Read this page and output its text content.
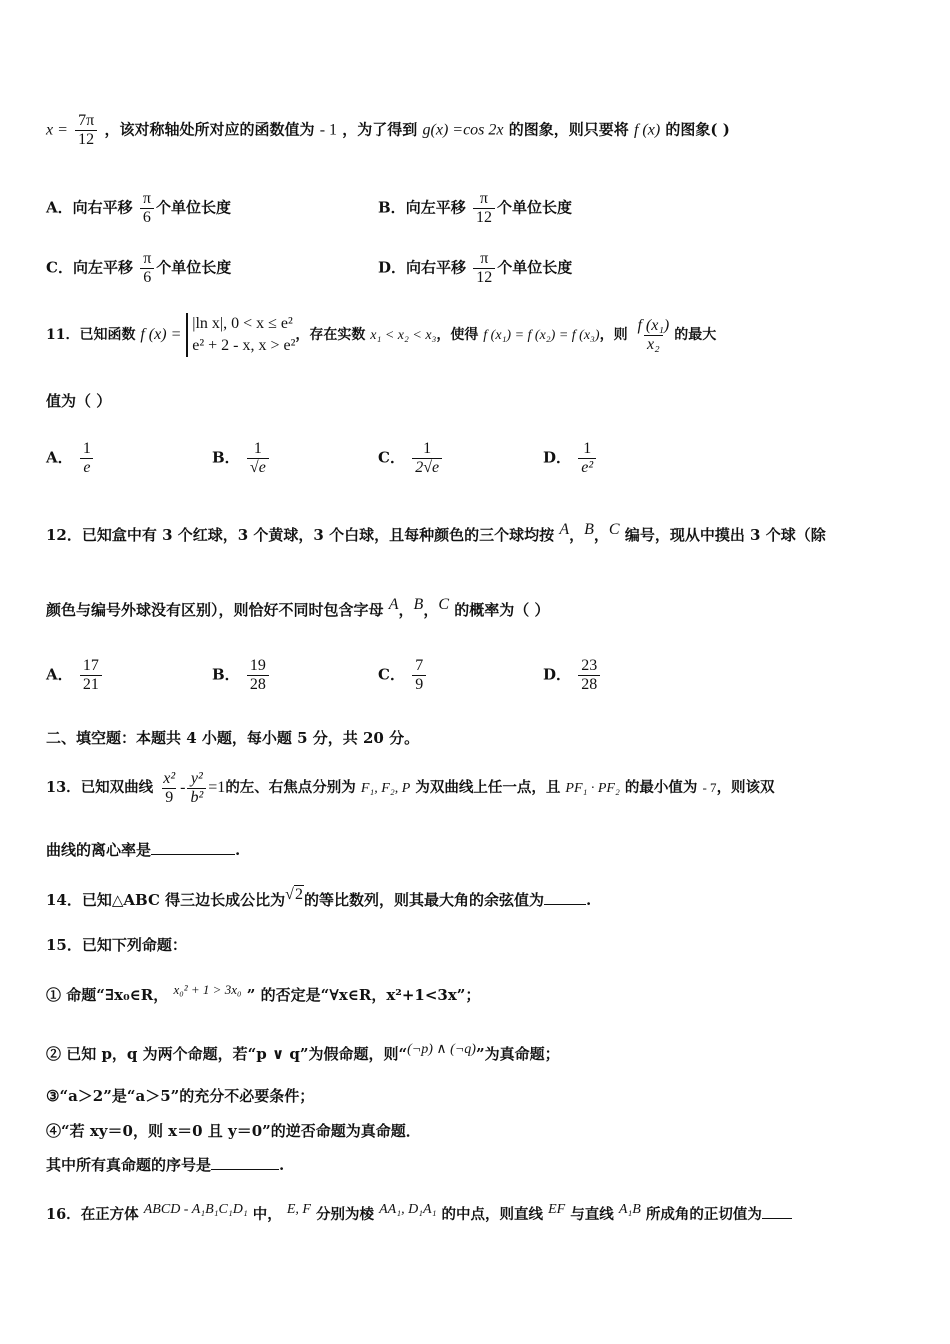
$x = \frac{7\pi}{12}$ ，该对称轴处所对应的函数值为 - 1 ，为了得到 g(x) =cos 2x 的图象，则只要将 f (x) 的图象( )
A．向右平移 $\frac{\pi}{6}$ 个单位长度	B．向左平移 $\frac{\pi}{12}$ 个单位长度
C．向左平移 $\frac{\pi}{6}$ 个单位长度	D．向右平移 $\frac{\pi}{12}$ 个单位长度
11．已知函数 f (x) =
|ln x|, 0 < x ≤ e²
e² + 2 - x, x > e²
，存在实数 x₁ < x₂ < x₃，使得 f (x₁) = f (x₂) = f (x₃)，则 $\frac{\text{f (x₁)}}{\text{x₂}}$ 的最大
值为（ ）
A． $\frac{1}{e}$	B． $\frac{1}{√e}$	C． $\frac{1}{2√e}$	D． $\frac{1}{\text{e²}}$
12．已知盒中有 3 个红球，3 个黄球，3 个白球，且每种颜色的三个球均按 $^A$，$^B$，$^C$ 编号，现从中摸出 3 个球（除
颜色与编号外球没有区别），则恰好不同时包含字母 $^A$，$^B$，$^C$ 的概率为（ ）
A． $\frac{17}{21}$	B． $\frac{19}{28}$	C． $\frac{7}{9}$	D． $\frac{23}{28}$
二、填空题：本题共 4 小题，每小题 5 分，共 20 分。
13．已知双曲线 $\frac{\text{x²}}{9} - \frac{\text{y²}}{\text{b²}} =1$的左、右焦点分别为 F₁, F₂, P 为双曲线上任一点，且 PF₁ · PF₂ 的最小值为 - 7，则该双
曲线的离心率是	.
14．已知△ABC 得三边长成公比为$^{√2}$的等比数列，则其最大角的余弦值为	.
15．已知下列命题：
① 命题“∃x₀∈R， $^{x_0^2 + 1 > 3x_0}$ ” 的否定是“∀x∈R，x²+1<3x”；
② 已知 p，q 为两个命题，若“p ∨ q”为假命题，则“$^{(\neg p) \wedge (\neg q)}$”为真命题；
③“a＞2”是“a＞5”的充分不必要条件；
④“若 xy＝0，则 x＝0 且 y＝0”的逆否命题为真命题．
其中所有真命题的序号是	.
16．在正方体 $^{ABCD - A_1B_1C_1D_1}$ 中， $^{E, F}$ 分别为棱 $^{AA_1, D_1A_1}$ 的中点，则直线 $^{EF}$ 与直线 $^{A_1B}$ 所成角的正切值为
